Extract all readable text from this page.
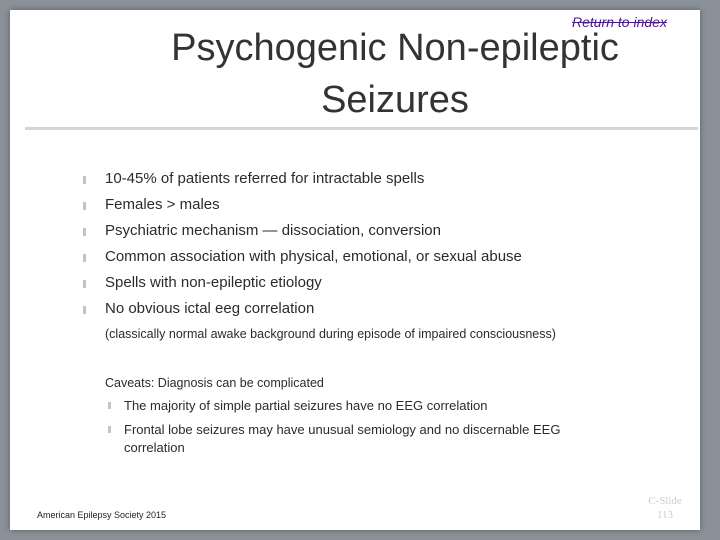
Return to index
Psychogenic Non-epileptic
Seizures
10-45% of patients referred for intractable spells
Females > males
Psychiatric mechanism — dissociation, conversion
Common association with physical, emotional, or sexual abuse
Spells with non-epileptic etiology
No obvious ictal eeg correlation
(classically normal awake background during episode of impaired consciousness)
Caveats: Diagnosis can be complicated
The majority of simple partial seizures have no EEG correlation
Frontal lobe seizures may have unusual semiology and no discernable EEG correlation
American Epilepsy Society 2015
C-Slide
113
